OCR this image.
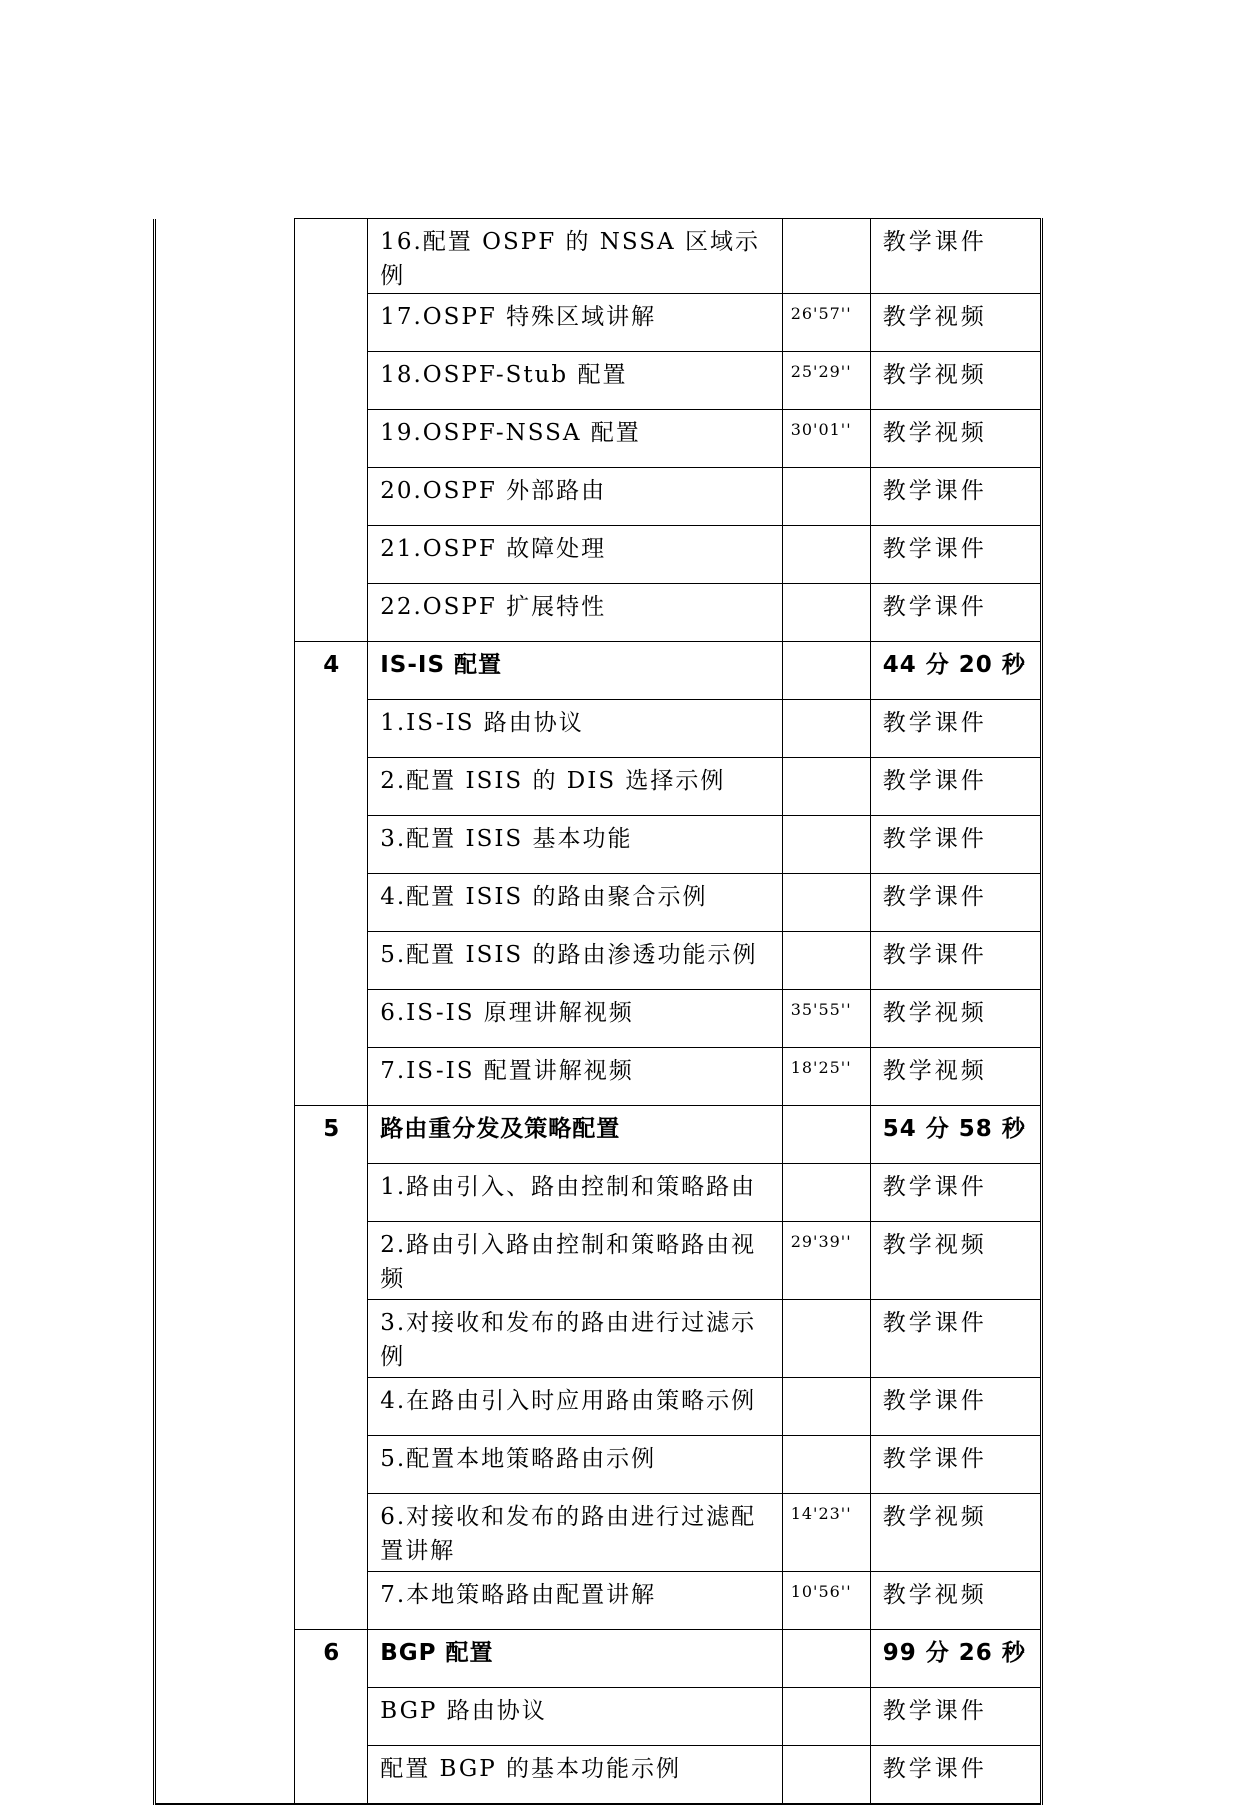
		16.配置 OSPF 的 NSSA 区域示例		教学课件
		17.OSPF 特殊区域讲解	26'57''	教学视频
		18.OSPF-Stub 配置	25'29''	教学视频
		19.OSPF-NSSA 配置	30'01''	教学视频
		20.OSPF 外部路由		教学课件
		21.OSPF 故障处理		教学课件
		22.OSPF 扩展特性		教学课件
	4	IS-IS 配置		44 分 20 秒
		1.IS-IS 路由协议		教学课件
		2.配置 ISIS 的 DIS 选择示例		教学课件
		3.配置 ISIS 基本功能		教学课件
		4.配置 ISIS 的路由聚合示例		教学课件
		5.配置 ISIS 的路由渗透功能示例		教学课件
		6.IS-IS 原理讲解视频	35'55''	教学视频
		7.IS-IS 配置讲解视频	18'25''	教学视频
	5	路由重分发及策略配置		54 分 58 秒
		1.路由引入、路由控制和策略路由		教学课件
		2.路由引入路由控制和策略路由视频	29'39''	教学视频
		3.对接收和发布的路由进行过滤示例		教学课件
		4.在路由引入时应用路由策略示例		教学课件
		5.配置本地策略路由示例		教学课件
		6.对接收和发布的路由进行过滤配置讲解	14'23''	教学视频
		7.本地策略路由配置讲解	10'56''	教学视频
	6	BGP 配置		99 分 26 秒
		BGP 路由协议		教学课件
		配置 BGP 的基本功能示例		教学课件
